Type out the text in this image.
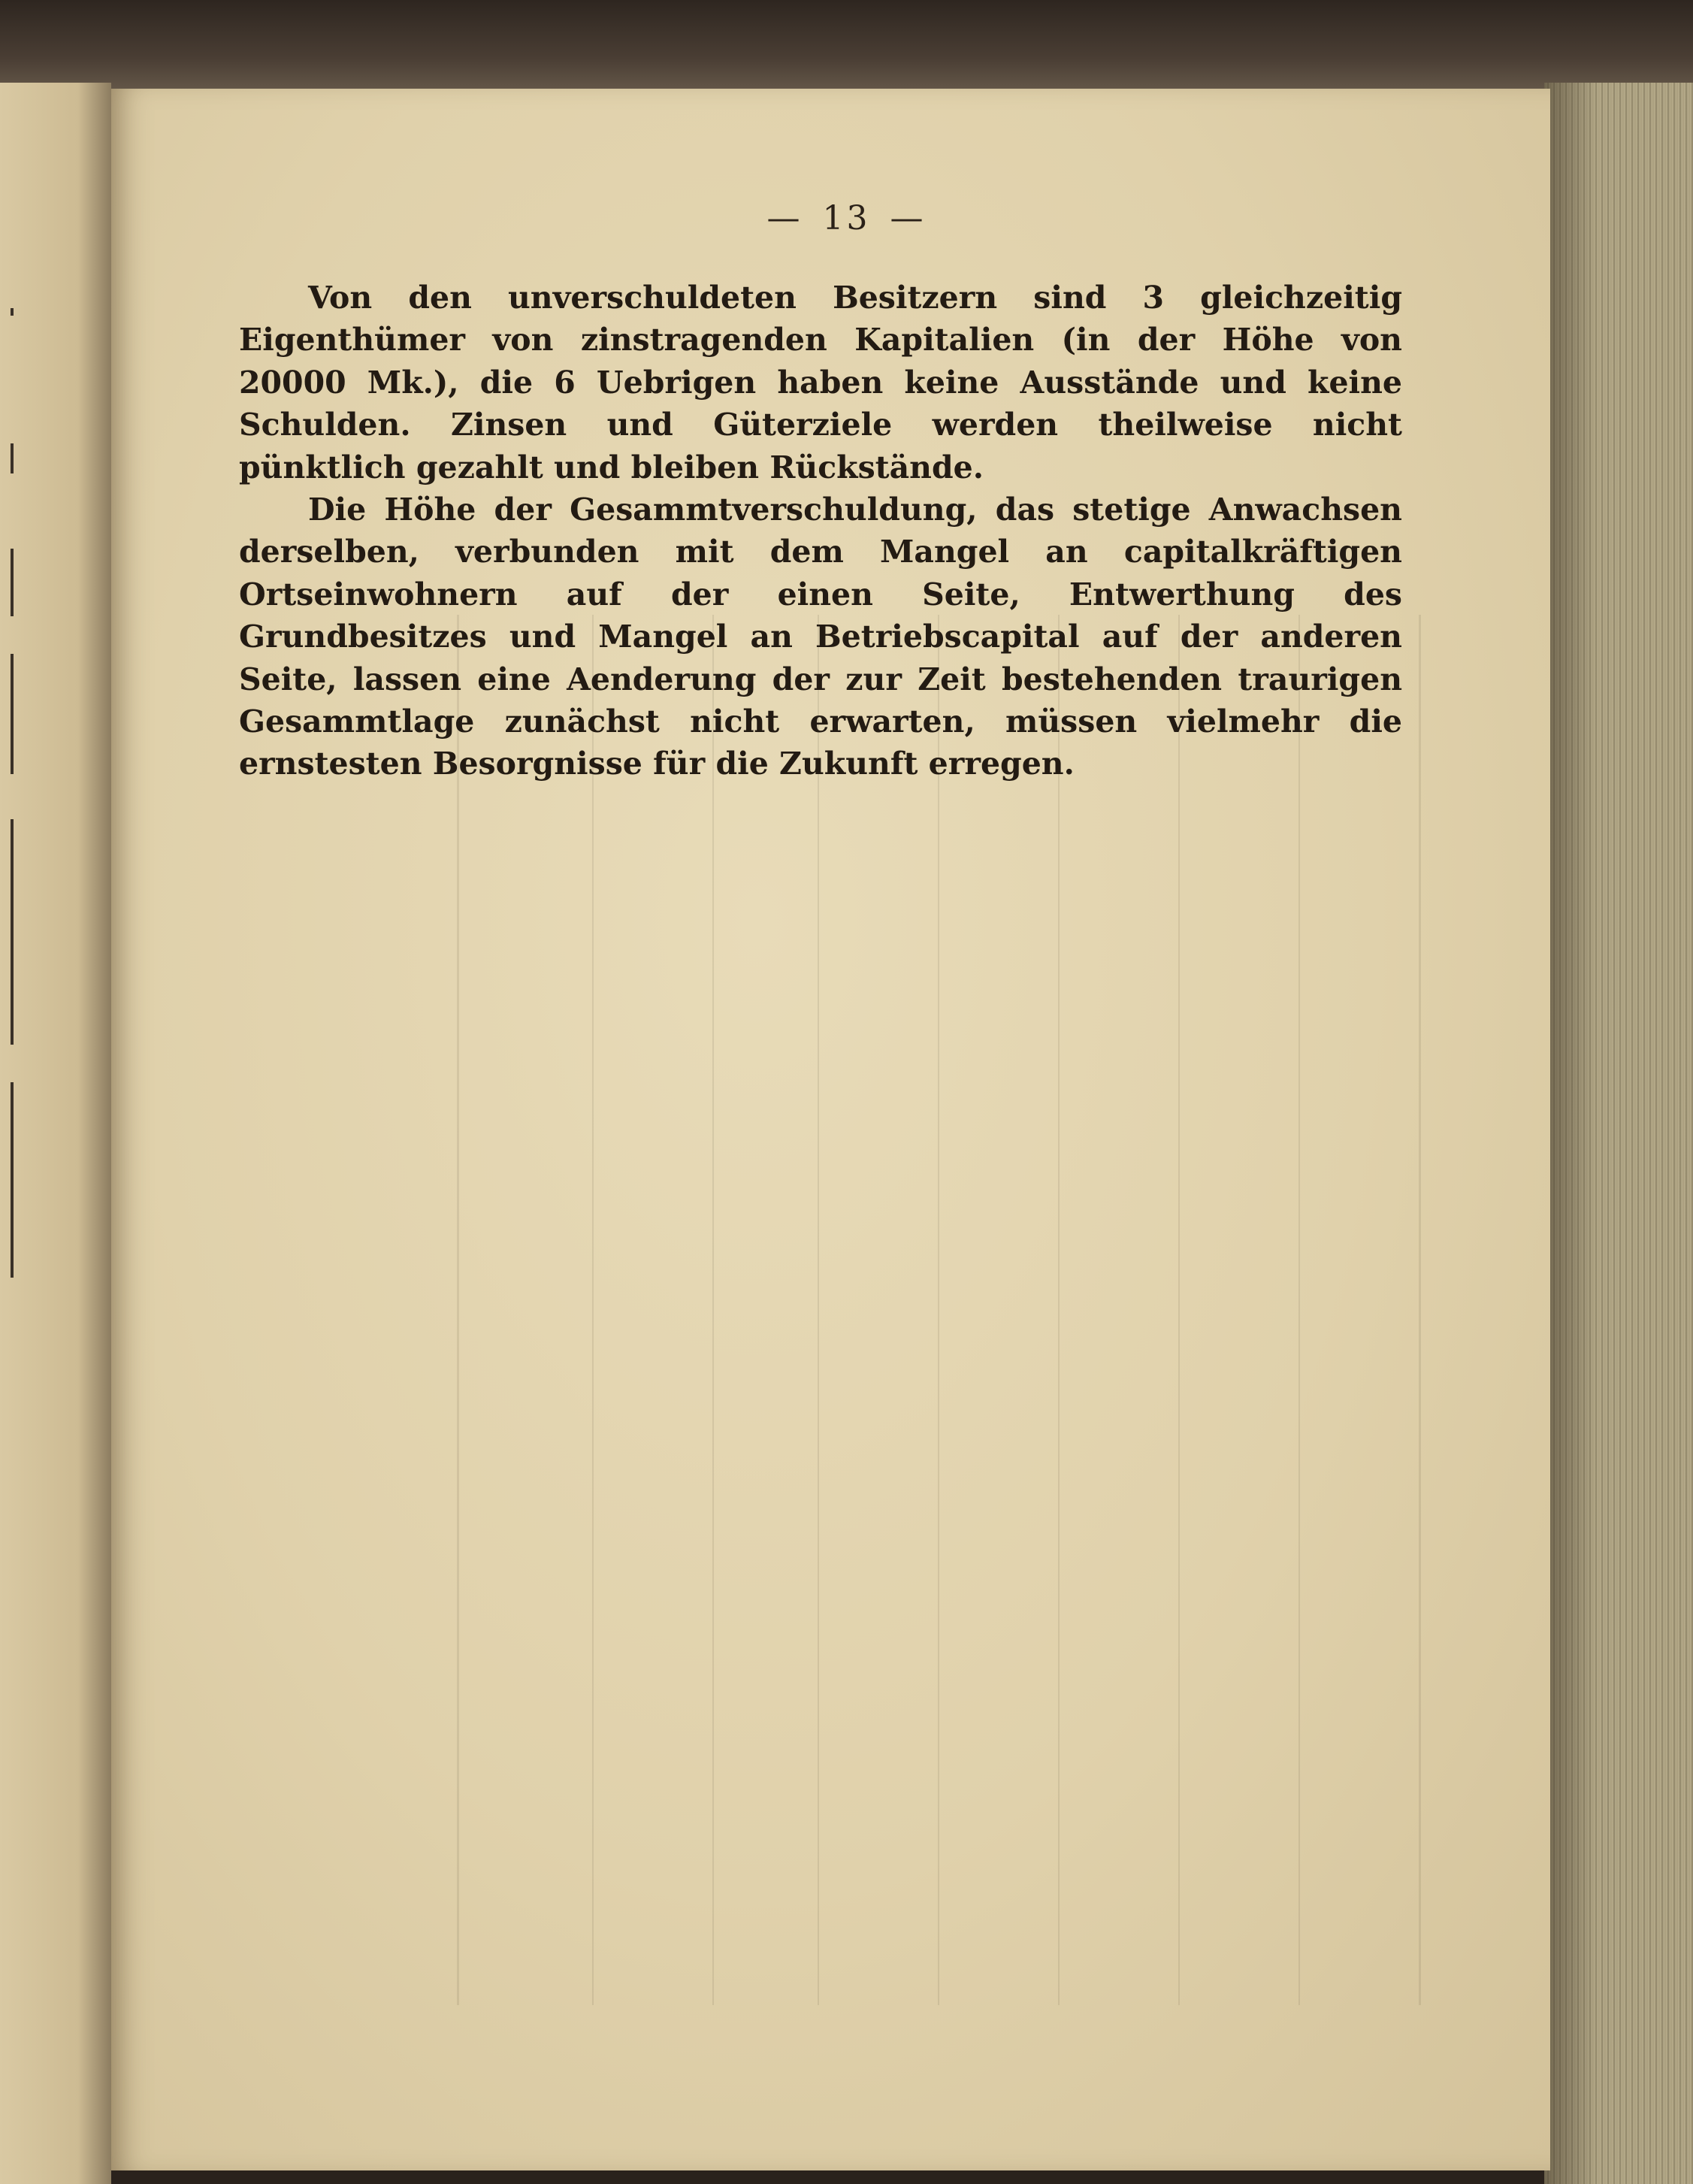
— 13 —

Von den unverschuldeten Besitzern sind 3 gleichzeitig Eigenthümer von zinstragenden Kapitalien (in der Höhe von 20000 Mk.), die 6 Uebrigen haben keine Ausstände und keine Schulden. Zinsen und Güterziele werden theilweise nicht pünktlich gezahlt und bleiben Rückstände.

Die Höhe der Gesammtverschuldung, das stetige Anwachsen derselben, verbunden mit dem Mangel an capitalkräftigen Ortseinwohnern auf der einen Seite, Entwerthung des Grundbesitzes und Mangel an Betriebscapital auf der anderen Seite, lassen eine Aenderung der zur Zeit bestehenden traurigen Gesammtlage zunächst nicht erwarten, müssen vielmehr die ernstesten Besorgnisse für die Zukunft erregen.
